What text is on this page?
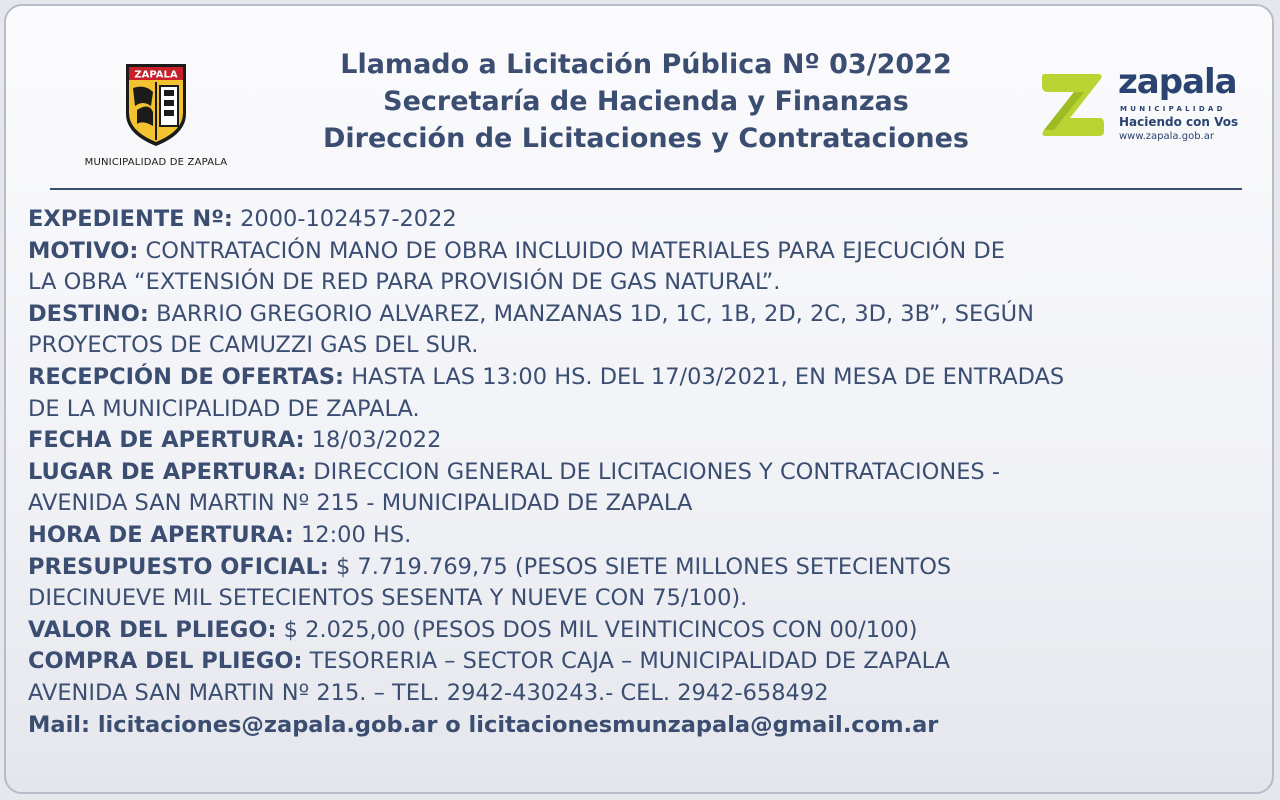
ZAPALA
MUNICIPALIDAD DE ZAPALA
Llamado a Licitación Pública Nº 03/2022
Secretaría de Hacienda y Finanzas
Dirección de Licitaciones y Contrataciones
zapala
MUNICIPALIDAD
Haciendo con Vos
www.zapala.gob.ar
EXPEDIENTE Nº: 2000-102457-2022
MOTIVO: CONTRATACIÓN MANO DE OBRA INCLUIDO MATERIALES PARA EJECUCIÓN DE
LA OBRA “EXTENSIÓN DE RED PARA PROVISIÓN DE GAS NATURAL”.
DESTINO: BARRIO GREGORIO ALVAREZ, MANZANAS 1D, 1C, 1B, 2D, 2C, 3D, 3B”, SEGÚN
PROYECTOS DE CAMUZZI GAS DEL SUR.
RECEPCIÓN DE OFERTAS: HASTA LAS 13:00 HS. DEL 17/03/2021, EN MESA DE ENTRADAS
DE LA MUNICIPALIDAD DE ZAPALA.
FECHA DE APERTURA: 18/03/2022
LUGAR DE APERTURA: DIRECCION GENERAL DE LICITACIONES Y CONTRATACIONES -
AVENIDA SAN MARTIN Nº 215 - MUNICIPALIDAD DE ZAPALA
HORA DE APERTURA: 12:00 HS.
PRESUPUESTO OFICIAL: $ 7.719.769,75 (PESOS SIETE MILLONES SETECIENTOS
DIECINUEVE MIL SETECIENTOS SESENTA Y NUEVE CON 75/100).
VALOR DEL PLIEGO: $ 2.025,00 (PESOS DOS MIL VEINTICINCOS CON 00/100)
COMPRA DEL PLIEGO: TESORERIA – SECTOR CAJA – MUNICIPALIDAD DE ZAPALA
AVENIDA SAN MARTIN Nº 215. – TEL. 2942-430243.- CEL. 2942-658492
Mail: licitaciones@zapala.gob.ar o licitacionesmunzapala@gmail.com.ar
